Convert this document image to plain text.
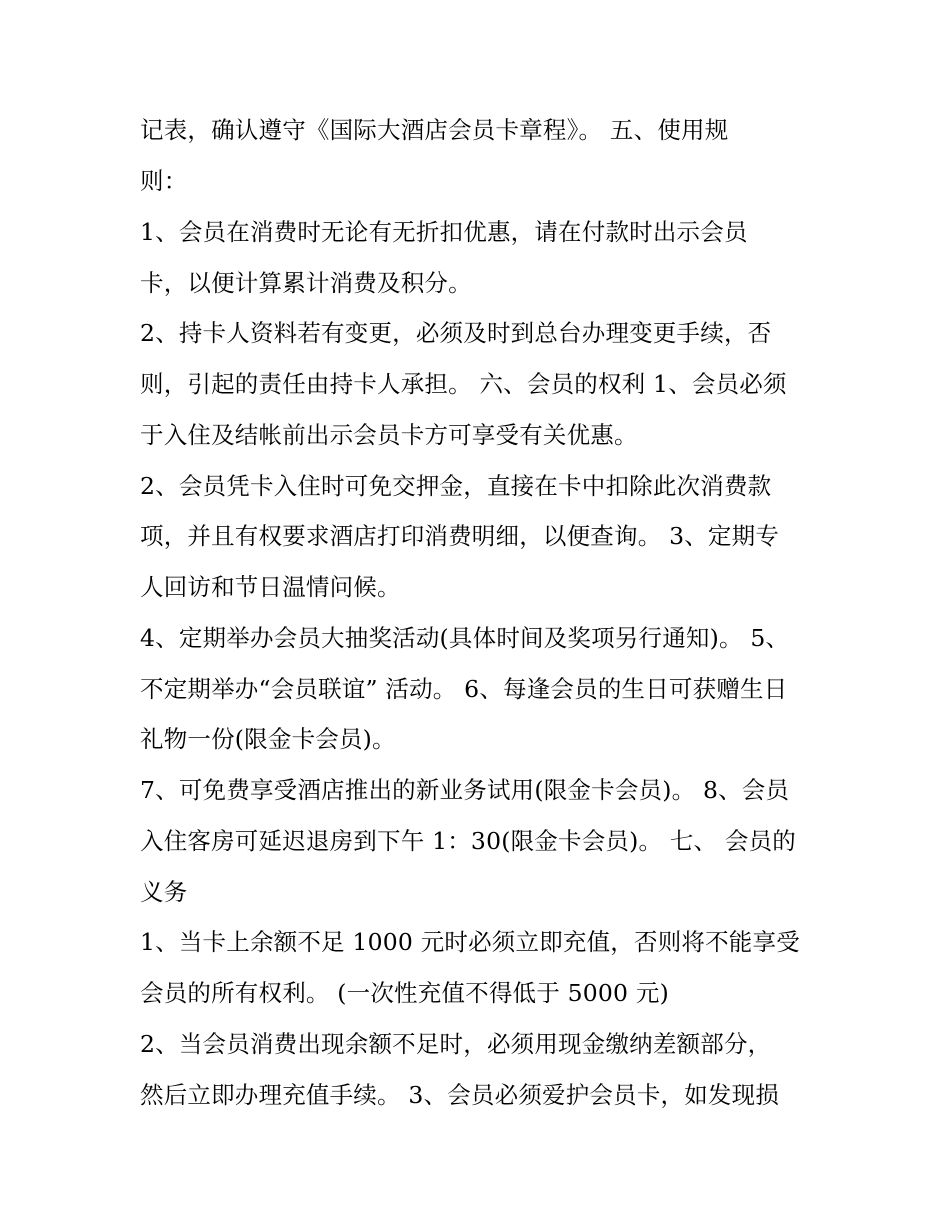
记表，确认遵守《国际大酒店会员卡章程》。 五、使用规
则：
1、会员在消费时无论有无折扣优惠，请在付款时出示会员
卡，以便计算累计消费及积分。
2、持卡人资料若有变更，必须及时到总台办理变更手续，否
则，引起的责任由持卡人承担。 六、会员的权利 1、会员必须
于入住及结帐前出示会员卡方可享受有关优惠。
2、会员凭卡入住时可免交押金，直接在卡中扣除此次消费款
项，并且有权要求酒店打印消费明细，以便查询。 3、定期专
人回访和节日温情问候。
4、定期举办会员大抽奖活动(具体时间及奖项另行通知)。 5、
不定期举办“会员联谊” 活动。 6、每逢会员的生日可获赠生日
礼物一份(限金卡会员)。
7、可免费享受酒店推出的新业务试用(限金卡会员)。 8、会员
入住客房可延迟退房到下午 1：30(限金卡会员)。 七、 会员的
义务
1、当卡上余额不足 1000 元时必须立即充值，否则将不能享受
会员的所有权利。 (一次性充值不得低于 5000 元)
2、当会员消费出现余额不足时，必须用现金缴纳差额部分，
然后立即办理充值手续。 3、会员必须爱护会员卡，如发现损
